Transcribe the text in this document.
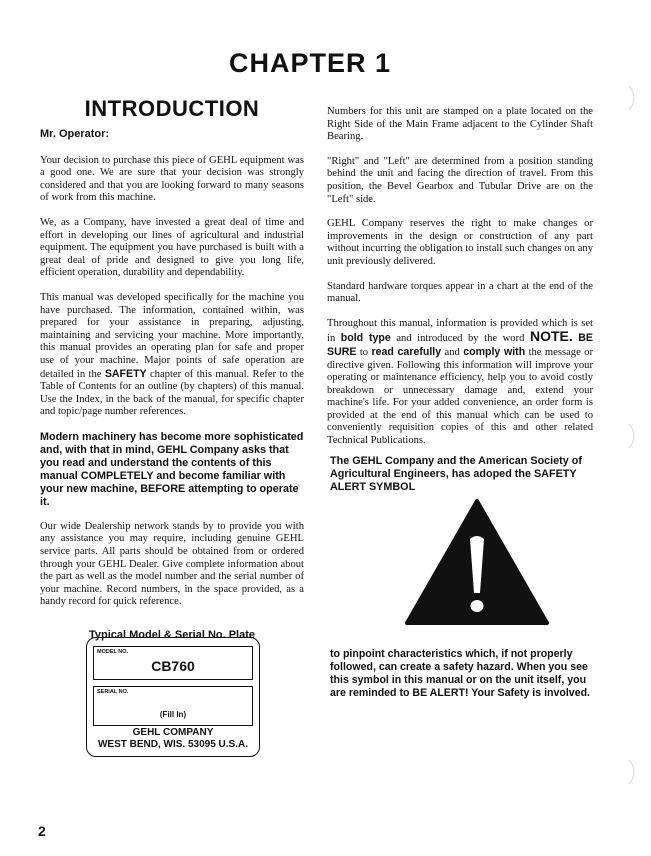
CHAPTER 1
INTRODUCTION
Mr. Operator:

Your decision to purchase this piece of GEHL equipment was a good one. We are sure that your decision was strongly considered and that you are looking forward to many seasons of work from this machine.

We, as a Company, have invested a great deal of time and effort in developing our lines of agricultural and industrial equipment. The equipment you have purchased is built with a great deal of pride and designed to give you long life, efficient operation, durability and dependability.

This manual was developed specifically for the machine you have purchased. The information, contained within, was prepared for your assistance in preparing, adjusting, maintaining and servicing your machine. More importantly, this manual provides an operating plan for safe and proper use of your machine. Major points of safe operation are detailed in the SAFETY chapter of this manual. Refer to the Table of Contents for an outline (by chapters) of this manual. Use the Index, in the back of the manual, for specific chapter and topic/page number references.

Modern machinery has become more sophisticated and, with that in mind, GEHL Company asks that you read and understand the contents of this manual COMPLETELY and become familiar with your new machine, BEFORE attempting to operate it.

Our wide Dealership network stands by to provide you with any assistance you may require, including genuine GEHL service parts. All parts should be obtained from or ordered through your GEHL Dealer. Give complete information about the part as well as the model number and the serial number of your machine. Record numbers, in the space provided, as a handy record for quick reference.

Typical Model & Serial No. Plate
MODEL NO.
CB760
SERIAL NO.
(Fill In)
GEHL COMPANY
WEST BEND, WIS. 53095 U.S.A.

Numbers for this unit are stamped on a plate located on the Right Side of the Main Frame adjacent to the Cylinder Shaft Bearing.

"Right" and "Left" are determined from a position standing behind the unit and facing the direction of travel. From this position, the Bevel Gearbox and Tubular Drive are on the "Left" side.

GEHL Company reserves the right to make changes or improvements in the design or construction of any part without incurring the obligation to install such changes on any unit previously delivered.

Standard hardware torques appear in a chart at the end of the manual.

Throughout this manual, information is provided which is set in bold type and introduced by the word NOTE. BE SURE to read carefully and comply with the message or directive given. Following this information will improve your operating or maintenance efficiency, help you to avoid costly breakdown or unnecessary damage and, extend your machine's life. For your added convenience, an order form is provided at the end of this manual which can be used to conveniently requisition copies of this and other related Technical Publications.

The GEHL Company and the American Society of Agricultural Engineers, has adoped the SAFETY ALERT SYMBOL
to pinpoint characteristics which, if not properly followed, can create a safety hazard. When you see this symbol in this manual or on the unit itself, you are reminded to BE ALERT! Your Safety is involved.
2
